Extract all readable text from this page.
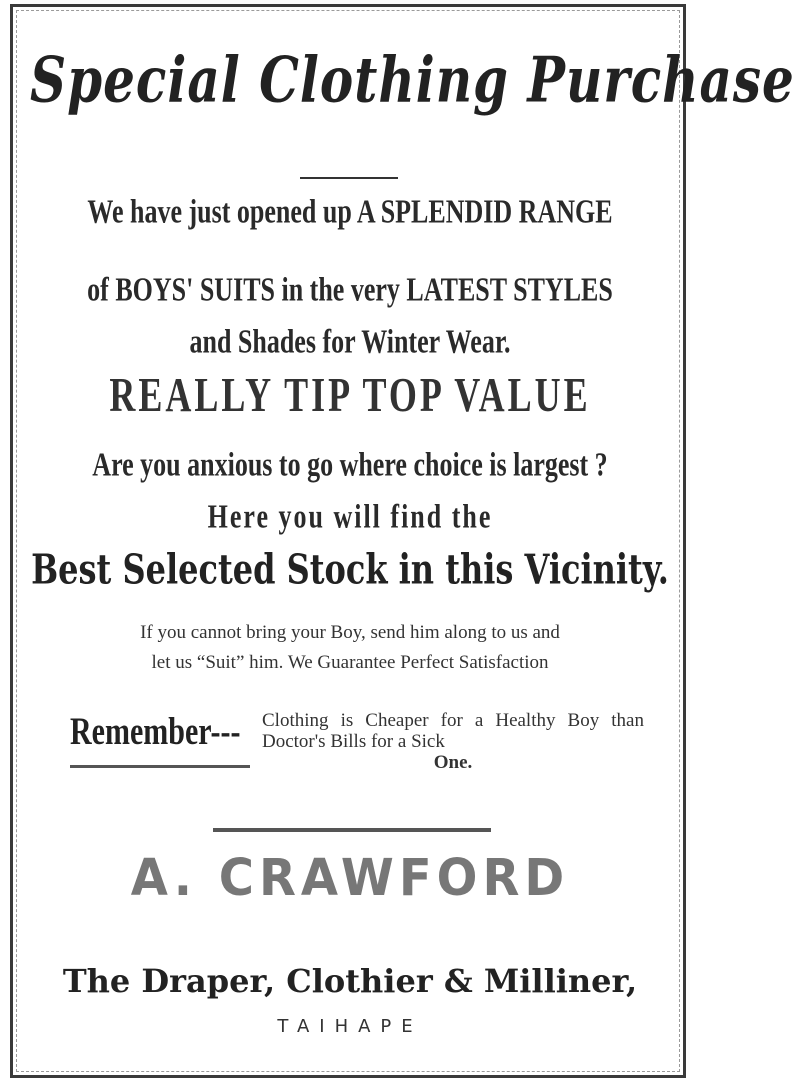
Special Clothing Purchase
We have just opened up A SPLENDID RANGE
of BOYS' SUITS in the very LATEST STYLES
and Shades for Winter Wear.
REALLY TIP TOP VALUE
Are you anxious to go where choice is largest ?
Here you will find the
Best Selected Stock in this Vicinity.
If you cannot bring your Boy, send him along to us and
let us “Suit” him. We Guarantee Perfect Satisfaction
Remember--- Clothing is Cheaper for a Healthy Boy than Doctor's Bills for a Sick
One.
A. CRAWFORD
The Draper, Clothier & Milliner,
TAIHAPE
